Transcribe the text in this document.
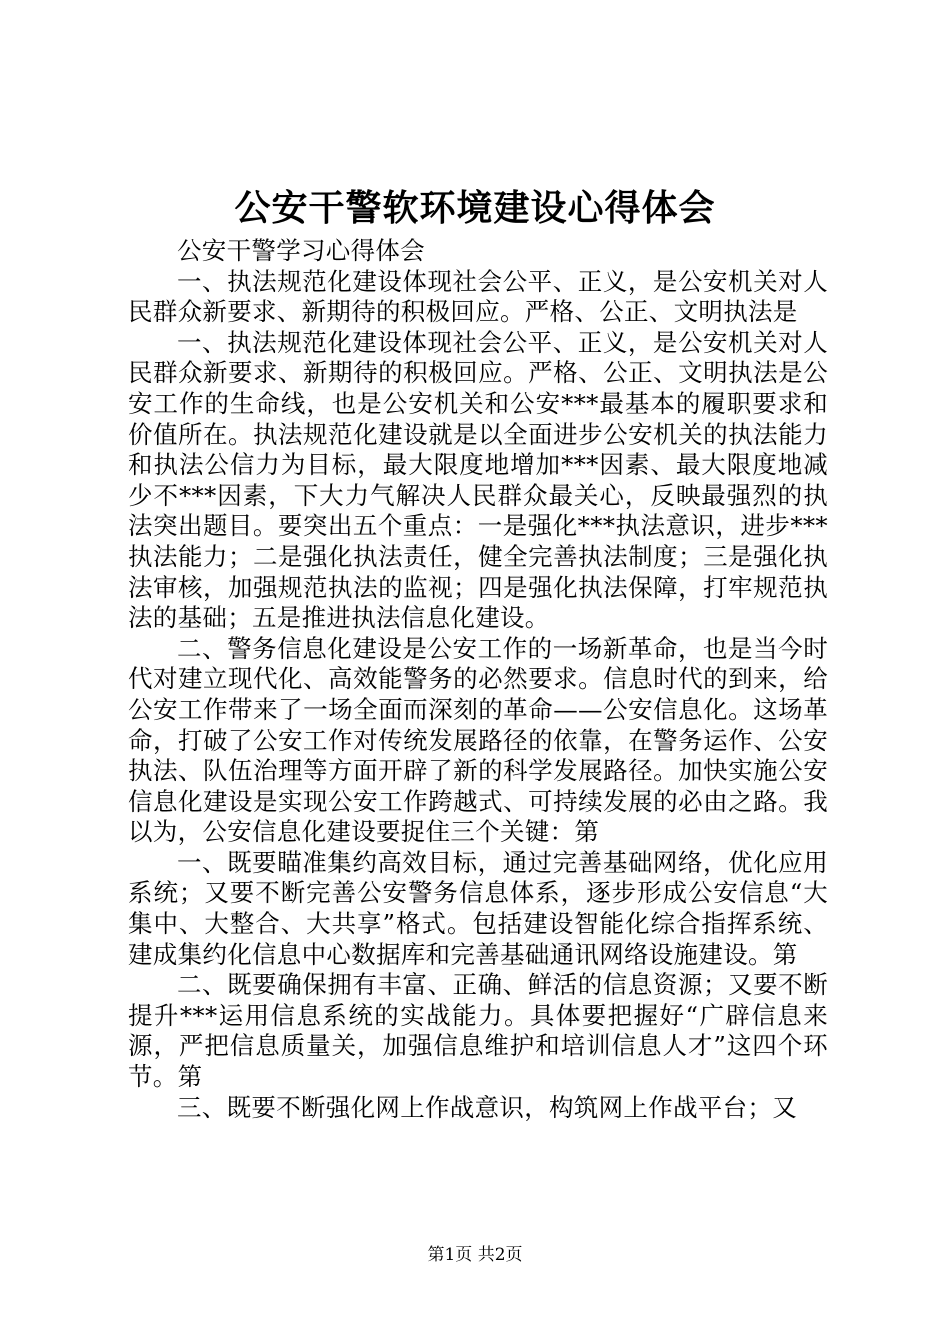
公安干警软环境建设心得体会

公安干警学习心得体会

一、执法规范化建设体现社会公平、正义，是公安机关对人民群众新要求、新期待的积极回应。严格、公正、文明执法是

一、执法规范化建设体现社会公平、正义，是公安机关对人民群众新要求、新期待的积极回应。严格、公正、文明执法是公安工作的生命线，也是公安机关和公安***最基本的履职要求和价值所在。执法规范化建设就是以全面进步公安机关的执法能力和执法公信力为目标，最大限度地增加***因素、最大限度地减少不***因素，下大力气解决人民群众最关心，反映最强烈的执法突出题目。要突出五个重点：一是强化***执法意识，进步***执法能力；二是强化执法责任，健全完善执法制度；三是强化执法审核，加强规范执法的监视；四是强化执法保障，打牢规范执法的基础；五是推进执法信息化建设。

二、警务信息化建设是公安工作的一场新革命，也是当今时代对建立现代化、高效能警务的必然要求。信息时代的到来，给公安工作带来了一场全面而深刻的革命——公安信息化。这场革命，打破了公安工作对传统发展路径的依靠，在警务运作、公安执法、队伍治理等方面开辟了新的科学发展路径。加快实施公安信息化建设是实现公安工作跨越式、可持续发展的必由之路。我以为，公安信息化建设要捉住三个关键：第

一、既要瞄准集约高效目标，通过完善基础网络，优化应用系统；又要不断完善公安警务信息体系，逐步形成公安信息“大集中、大整合、大共享”格式。包括建设智能化综合指挥系统、建成集约化信息中心数据库和完善基础通讯网络设施建设。第

二、既要确保拥有丰富、正确、鲜活的信息资源；又要不断提升***运用信息系统的实战能力。具体要把握好“广辟信息来源，严把信息质量关，加强信息维护和培训信息人才”这四个环节。第

三、既要不断强化网上作战意识，构筑网上作战平台；又

第1页 共2页
